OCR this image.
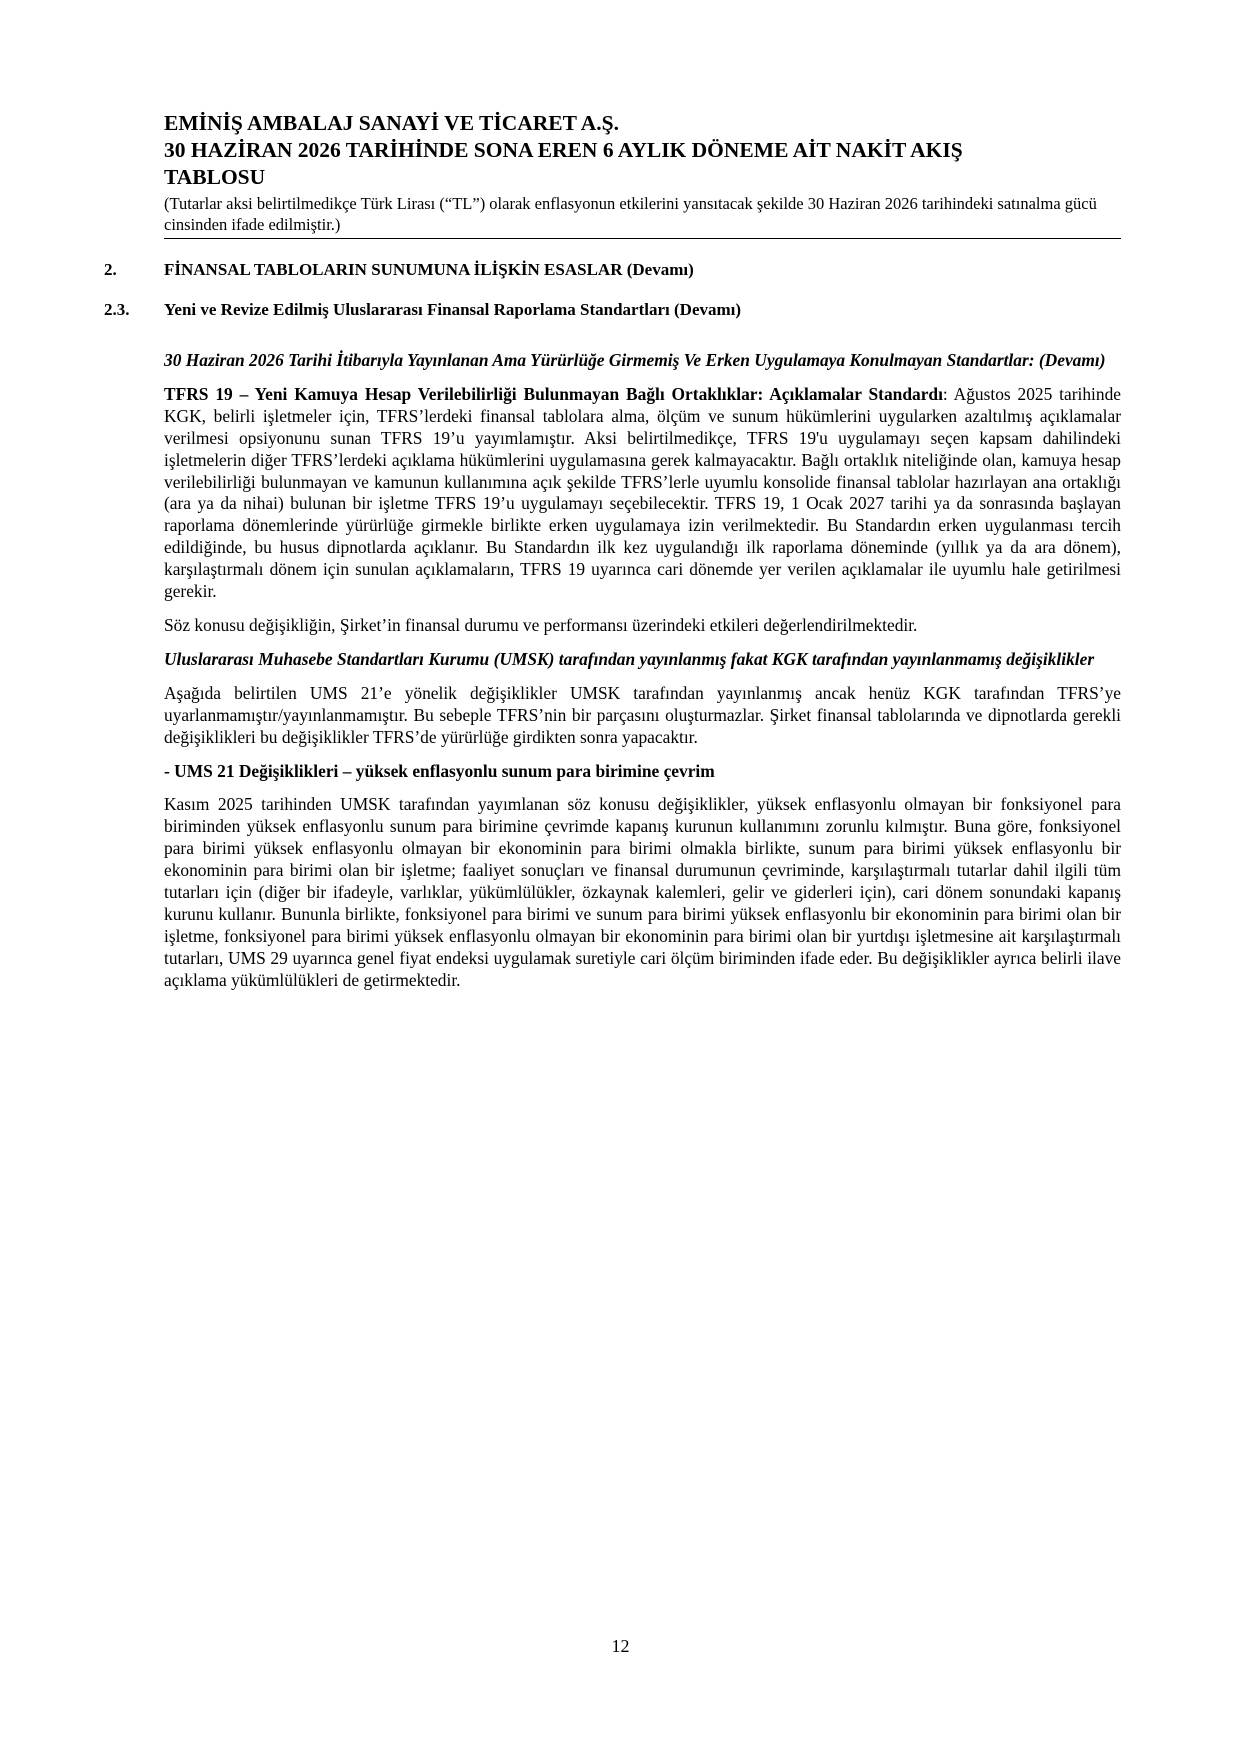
EMİNİŞ AMBALAJ SANAYİ VE TİCARET A.Ş.

30 HAZİRAN 2026 TARİHİNDE SONA EREN 6 AYLIK DÖNEME AİT NAKİT AKIŞ

TABLOSU

(Tutarlar aksi belirtilmedikçe Türk Lirası (“TL”) olarak enflasyonun etkilerini yansıtacak şekilde 30 Haziran 2026 tarihindeki satınalma gücü cinsinden ifade edilmiştir.)

2.	FİNANSAL TABLOLARIN SUNUMUNA İLİŞKİN ESASLAR (Devamı)
2.3. Yeni ve Revize Edilmiş Uluslararası Finansal Raporlama Standartları (Devamı)

30 Haziran 2026 Tarihi İtibarıyla Yayınlanan Ama Yürürlüğe Girmemiş Ve Erken Uygulamaya Konulmayan Standartlar: (Devamı)

TFRS 19 – Yeni Kamuya Hesap Verilebilirliği Bulunmayan Bağlı Ortaklıklar: Açıklamalar Standardı: Ağustos 2025 tarihinde KGK, belirli işletmeler için, TFRS’lerdeki finansal tablolara alma, ölçüm ve sunum hükümlerini uygularken azaltılmış açıklamalar verilmesi opsiyonunu sunan TFRS 19’u yayımlamıştır. Aksi belirtilmedikçe, TFRS 19'u uygulamayı seçen kapsam dahilindeki işletmelerin diğer TFRS’lerdeki açıklama hükümlerini uygulamasına gerek kalmayacaktır. Bağlı ortaklık niteliğinde olan, kamuya hesap verilebilirliği bulunmayan ve kamunun kullanımına açık şekilde TFRS’lerle uyumlu konsolide finansal tablolar hazırlayan ana ortaklığı (ara ya da nihai) bulunan bir işletme TFRS 19’u uygulamayı seçebilecektir. TFRS 19, 1 Ocak 2027 tarihi ya da sonrasında başlayan raporlama dönemlerinde yürürlüğe girmekle birlikte erken uygulamaya izin verilmektedir. Bu Standardın erken uygulanması tercih edildiğinde, bu husus dipnotlarda açıklanır. Bu Standardın ilk kez uygulandığı ilk raporlama döneminde (yıllık ya da ara dönem), karşılaştırmalı dönem için sunulan açıklamaların, TFRS 19 uyarınca cari dönemde yer verilen açıklamalar ile uyumlu hale getirilmesi gerekir.

Söz konusu değişikliğin, Şirket’in finansal durumu ve performansı üzerindeki etkileri değerlendirilmektedir.

Uluslararası Muhasebe Standartları Kurumu (UMSK) tarafından yayınlanmış fakat KGK tarafından yayınlanmamış değişiklikler

Aşağıda belirtilen UMS 21’e yönelik değişiklikler UMSK tarafından yayınlanmış ancak henüz KGK tarafından TFRS’ye uyarlanmamıştır/yayınlanmamıştır. Bu sebeple TFRS’nin bir parçasını oluşturmazlar. Şirket finansal tablolarında ve dipnotlarda gerekli değişiklikleri bu değişiklikler TFRS’de yürürlüğe girdikten sonra yapacaktır.

- UMS 21 Değişiklikleri – yüksek enflasyonlu sunum para birimine çevrim

Kasım 2025 tarihinden UMSK tarafından yayımlanan söz konusu değişiklikler, yüksek enflasyonlu olmayan bir fonksiyonel para biriminden yüksek enflasyonlu sunum para birimine çevrimde kapanış kurunun kullanımını zorunlu kılmıştır. Buna göre, fonksiyonel para birimi yüksek enflasyonlu olmayan bir ekonominin para birimi olmakla birlikte, sunum para birimi yüksek enflasyonlu bir ekonominin para birimi olan bir işletme; faaliyet sonuçları ve finansal durumunun çevriminde, karşılaştırmalı tutarlar dahil ilgili tüm tutarları için (diğer bir ifadeyle, varlıklar, yükümlülükler, özkaynak kalemleri, gelir ve giderleri için), cari dönem sonundaki kapanış kurunu kullanır. Bununla birlikte, fonksiyonel para birimi ve sunum para birimi yüksek enflasyonlu bir ekonominin para birimi olan bir işletme, fonksiyonel para birimi yüksek enflasyonlu olmayan bir ekonominin para birimi olan bir yurtdışı işletmesine ait karşılaştırmalı tutarları, UMS 29 uyarınca genel fiyat endeksi uygulamak suretiyle cari ölçüm biriminden ifade eder. Bu değişiklikler ayrıca belirli ilave açıklama yükümlülükleri de getirmektedir.

12
